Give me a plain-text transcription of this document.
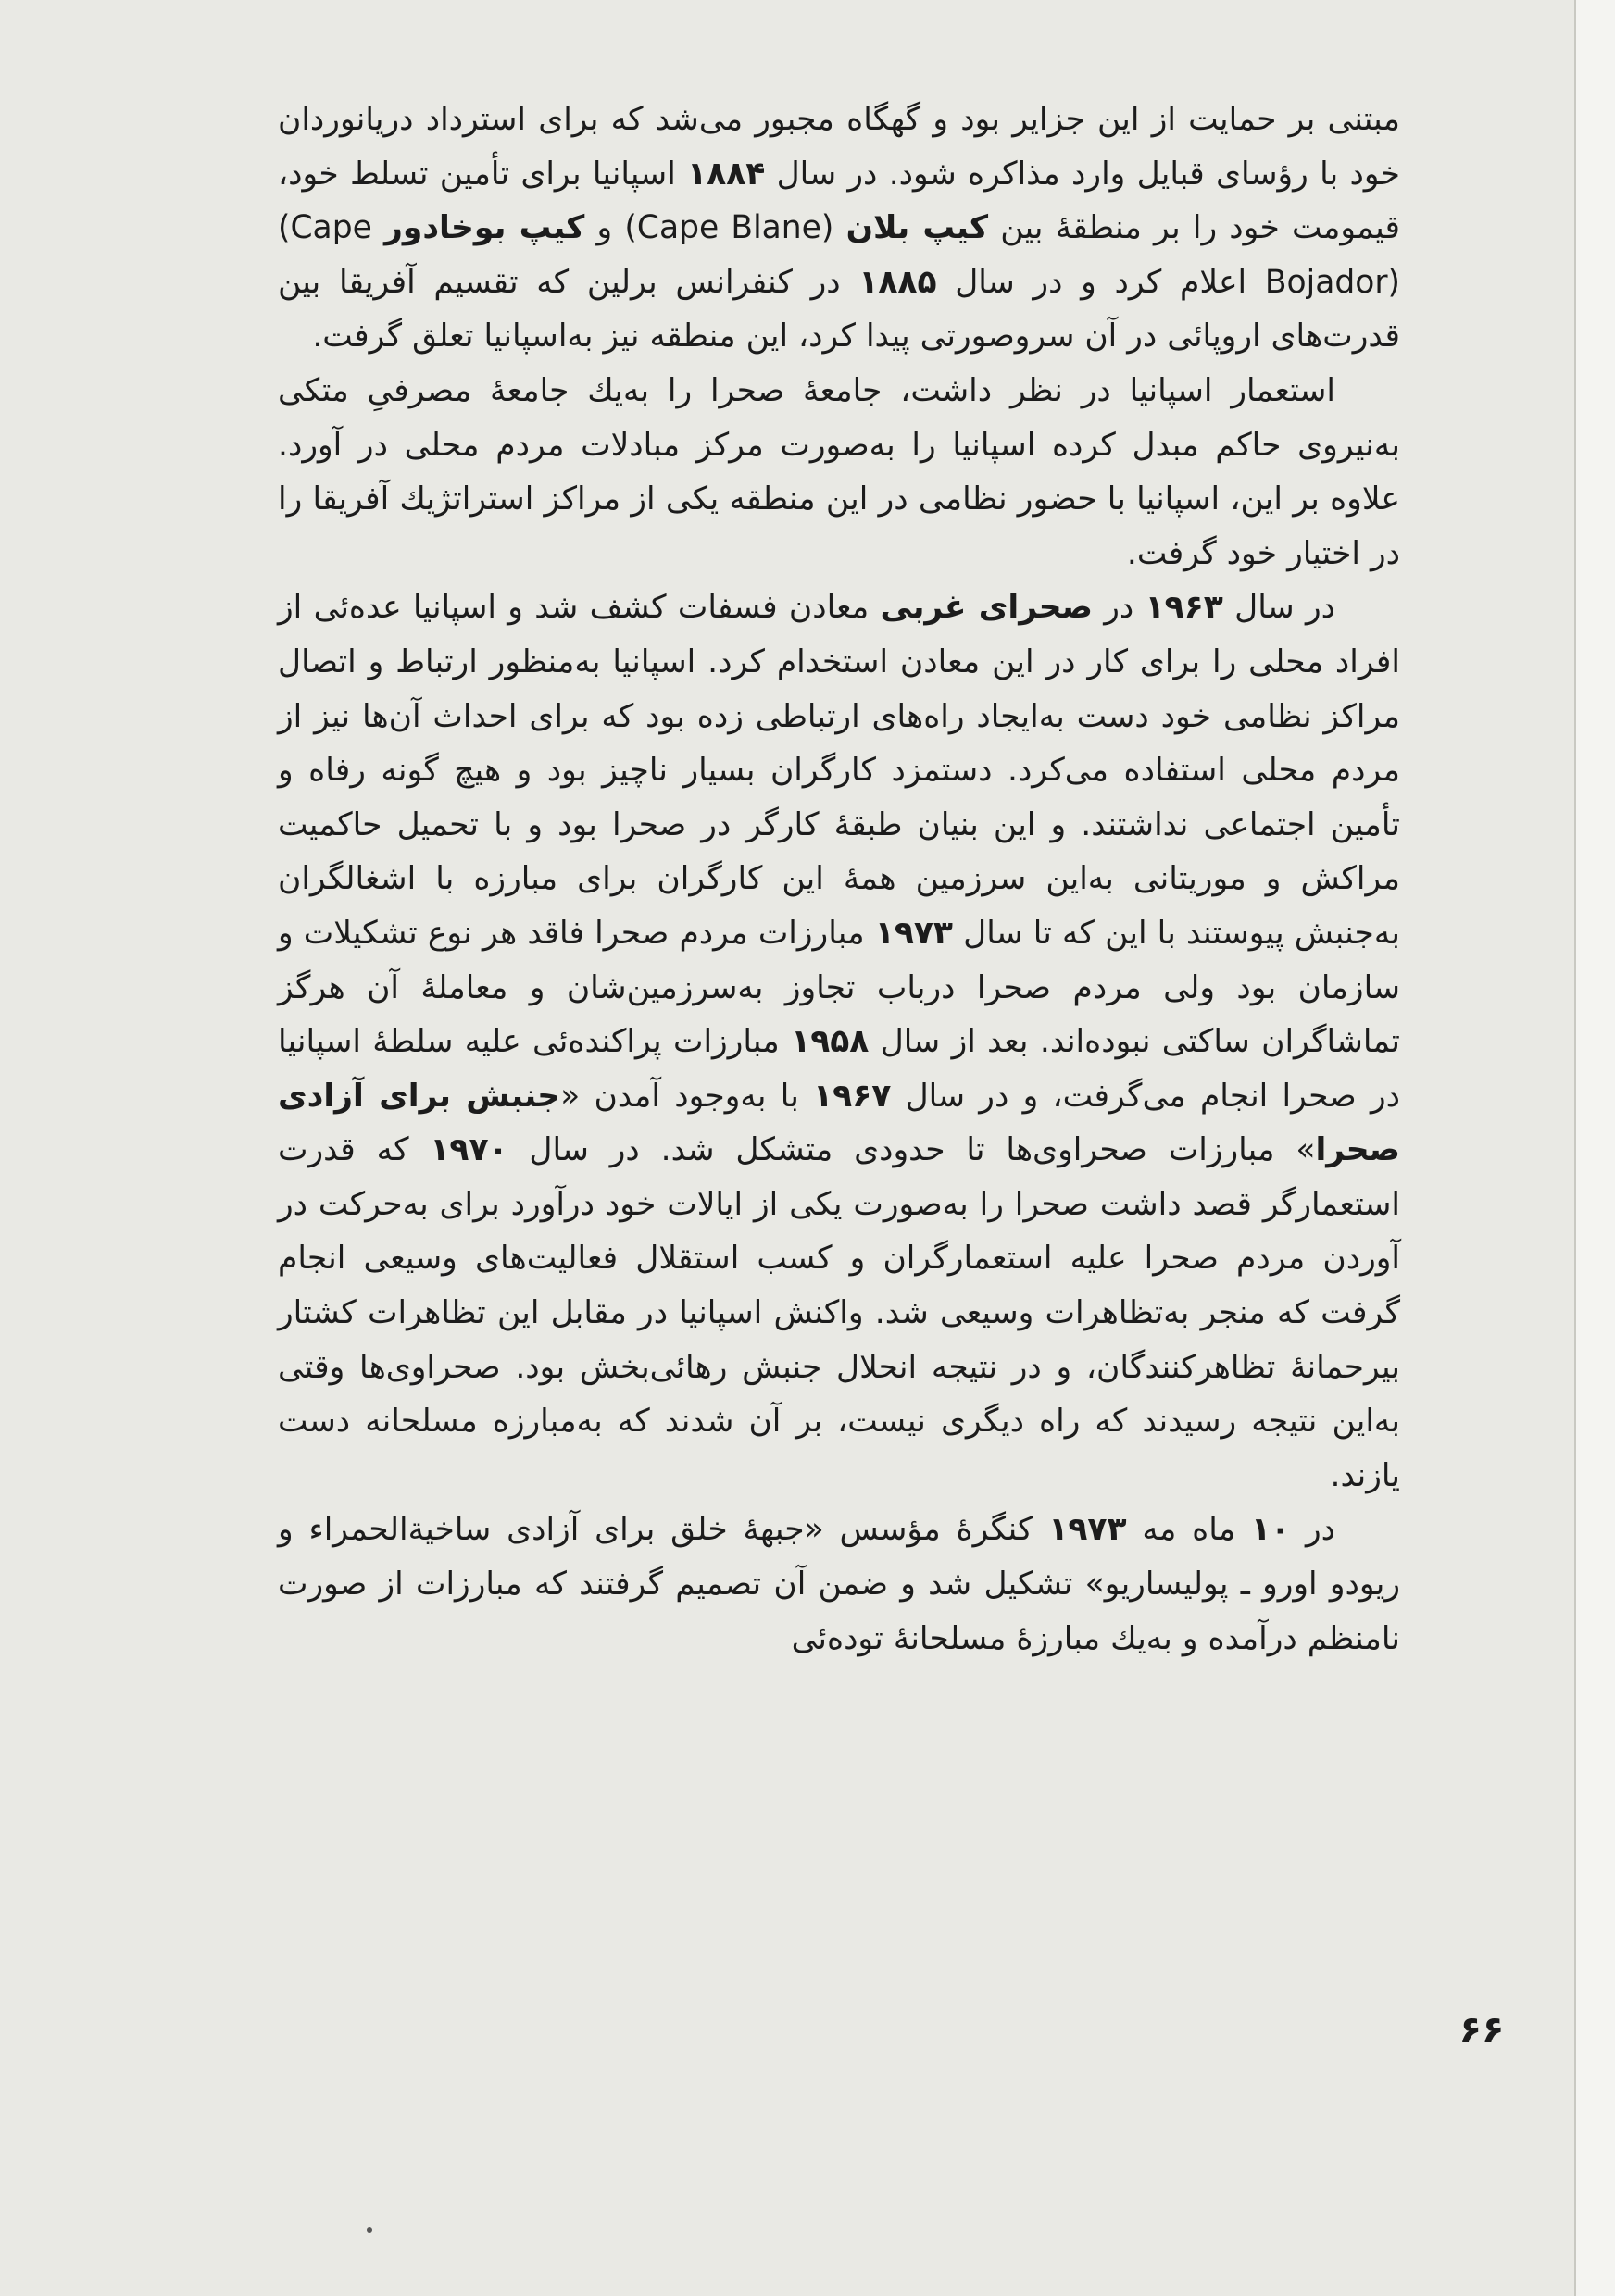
مبتنی بر حمایت از این جزایر بود و گهگاه مجبور می‌شد که برای استرداد دریانوردان خود با رؤسای قبایل وارد مذاکره شود. در سال ۱۸۸۴ اسپانیا برای تأمین تسلط خود، قیمومت خود را بر منطقهٔ بین کیپ بلان (Cape Blane) و کیپ بوخادور (Cape Bojador) اعلام کرد و در سال ۱۸۸۵ در کنفرانس برلین که تقسیم آفریقا بین قدرت‌های اروپائی در آن سروصورتی پیدا کرد، این منطقه نیز به‌اسپانیا تعلق گرفت.

استعمار اسپانیا در نظر داشت، جامعهٔ صحرا را به‌یك جامعهٔ مصرفیِ متکی به‌نیروی حاکم مبدل کرده اسپانیا را به‌صورت مرکز مبادلات مردم محلی در آورد. علاوه بر این، اسپانیا با حضور نظامی در این منطقه یکی از مراکز استراتژیك آفریقا را در اختیار خود گرفت.

در سال ۱۹۶۳ در صحرای غربی معادن فسفات کشف شد و اسپانیا عده‌ئی از افراد محلی را برای کار در این معادن استخدام کرد. اسپانیا به‌منظور ارتباط و اتصال مراکز نظامی خود دست به‌ایجاد راه‌های ارتباطی زده بود که برای احداث آن‌ها نیز از مردم محلی استفاده می‌کرد. دستمزد کارگران بسیار ناچیز بود و هیچ گونه رفاه و تأمین اجتماعی نداشتند. و این بنیان طبقهٔ کارگر در صحرا بود و با تحمیل حاکمیت مراکش و موریتانی به‌این سرزمین همهٔ این کارگران برای مبارزه با اشغالگران به‌جنبش پیوستند با این که تا سال ۱۹۷۳ مبارزات مردم صحرا فاقد هر نوع تشکیلات و سازمان بود ولی مردم صحرا درباب تجاوز به‌سرزمین‌شان و معاملهٔ آن هرگز تماشاگران ساکتی نبوده‌اند. بعد از سال ۱۹۵۸ مبارزات پراکنده‌ئی علیه سلطهٔ اسپانیا در صحرا انجام می‌گرفت، و در سال ۱۹۶۷ با به‌وجود آمدن «جنبش برای آزادی صحرا» مبارزات صحراوی‌ها تا حدودی متشکل شد. در سال ۱۹۷۰ که قدرت استعمارگر قصد داشت صحرا را به‌صورت یکی از ایالات خود درآورد برای به‌حرکت در آوردن مردم صحرا علیه استعمارگران و کسب استقلال فعالیت‌های وسیعی انجام گرفت که منجر به‌تظاهرات وسیعی شد. واکنش اسپانیا در مقابل این تظاهرات کشتار بیرحمانهٔ تظاهرکنندگان، و در نتیجه انحلال جنبش رهائی‌بخش بود. صحراوی‌ها وقتی به‌این نتیجه رسیدند که راه دیگری نیست، بر آن شدند که به‌مبارزه مسلحانه دست یازند.

در ۱۰ ماه مه ۱۹۷۳ کنگرهٔ مؤسس «جبههٔ خلق برای آزادی ساخیةالحمراء و ریودو اورو ـ پولیساریو» تشکیل شد و ضمن آن تصمیم گرفتند که مبارزات از صورت نامنظم درآمده و به‌یك مبارزهٔ مسلحانهٔ توده‌ئی

۶۶
